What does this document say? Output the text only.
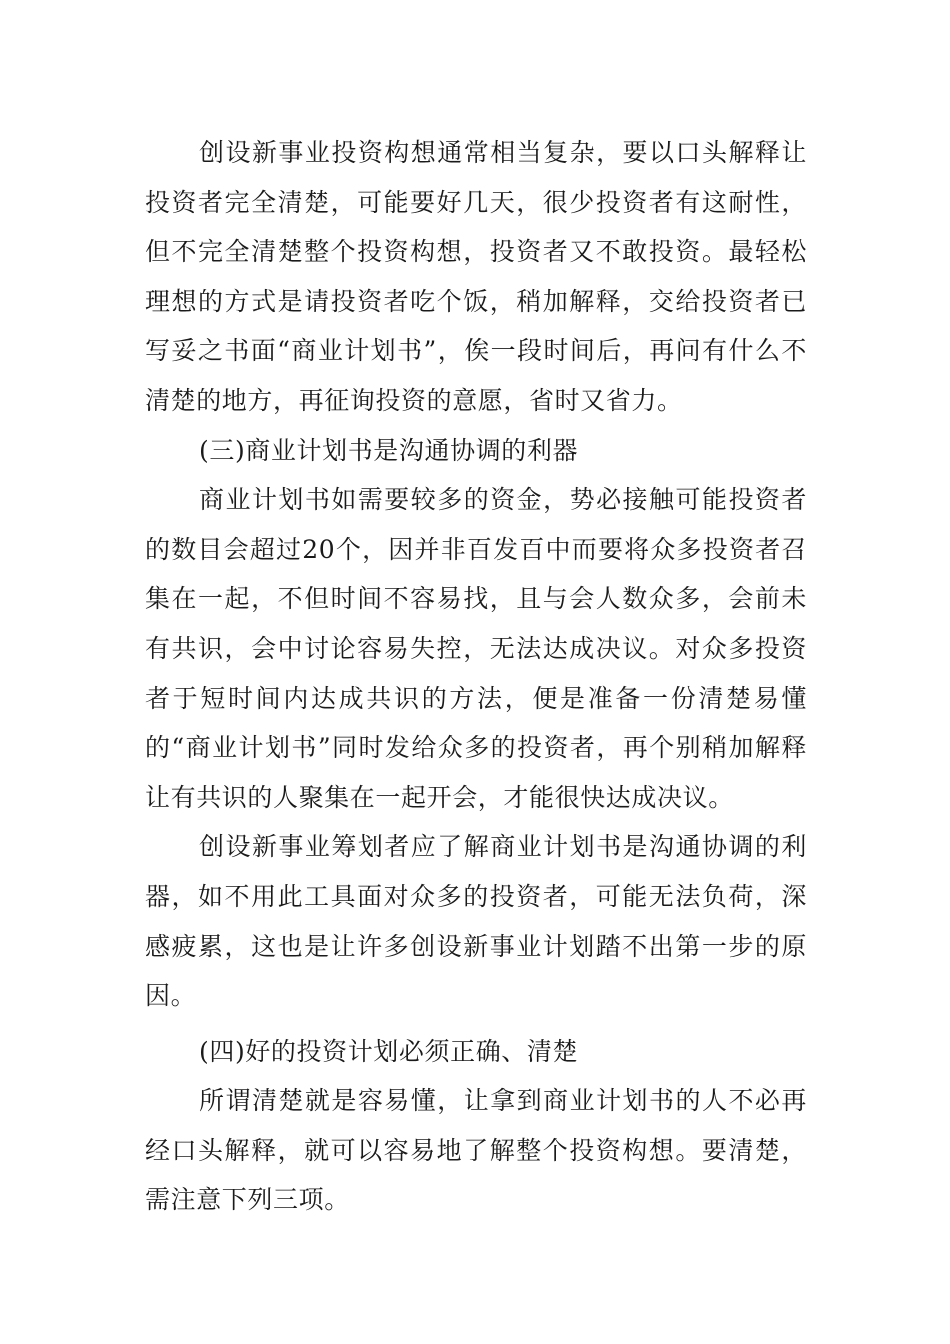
创设新事业投资构想通常相当复杂，要以口头解释让投资者完全清楚，可能要好几天，很少投资者有这耐性，但不完全清楚整个投资构想，投资者又不敢投资。最轻松理想的方式是请投资者吃个饭，稍加解释，交给投资者已写妥之书面“商业计划书”，俟一段时间后，再问有什么不清楚的地方，再征询投资的意愿，省时又省力。

(三)商业计划书是沟通协调的利器

商业计划书如需要较多的资金，势必接触可能投资者的数目会超过20个，因并非百发百中而要将众多投资者召集在一起，不但时间不容易找，且与会人数众多，会前未有共识，会中讨论容易失控，无法达成决议。对众多投资者于短时间内达成共识的方法，便是准备一份清楚易懂的“商业计划书”同时发给众多的投资者，再个别稍加解释让有共识的人聚集在一起开会，才能很快达成决议。

创设新事业筹划者应了解商业计划书是沟通协调的利器，如不用此工具面对众多的投资者，可能无法负荷，深感疲累，这也是让许多创设新事业计划踏不出第一步的原因。

(四)好的投资计划必须正确、清楚

所谓清楚就是容易懂，让拿到商业计划书的人不必再经口头解释，就可以容易地了解整个投资构想。要清楚，需注意下列三项。
